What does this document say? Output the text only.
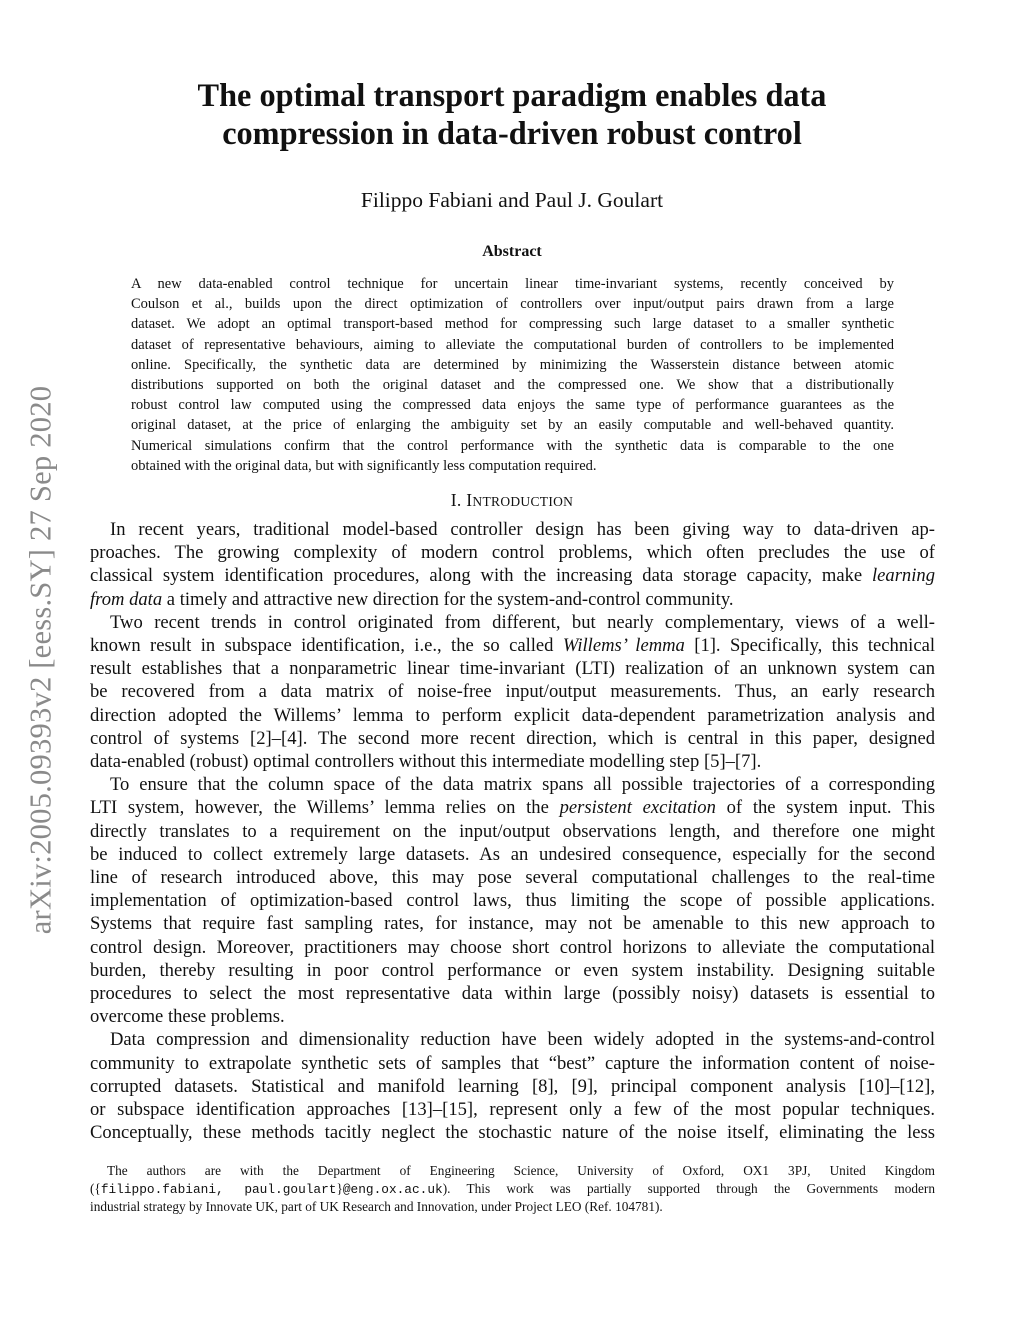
arXiv:2005.09393v2 [eess.SY] 27 Sep 2020
The optimal transport paradigm enables data
compression in data-driven robust control
Filippo Fabiani and Paul J. Goulart
Abstract

A new data-enabled control technique for uncertain linear time-invariant systems, recently conceived by
Coulson et al., builds upon the direct optimization of controllers over input/output pairs drawn from a large
dataset. We adopt an optimal transport-based method for compressing such large dataset to a smaller synthetic
dataset of representative behaviours, aiming to alleviate the computational burden of controllers to be implemented
online. Specifically, the synthetic data are determined by minimizing the Wasserstein distance between atomic
distributions supported on both the original dataset and the compressed one. We show that a distributionally
robust control law computed using the compressed data enjoys the same type of performance guarantees as the
original dataset, at the price of enlarging the ambiguity set by an easily computable and well-behaved quantity.
Numerical simulations confirm that the control performance with the synthetic data is comparable to the one
obtained with the original data, but with significantly less computation required.

I. INTRODUCTION
In recent years, traditional model-based controller design has been giving way to data-driven ap-
proaches. The growing complexity of modern control problems, which often precludes the use of
classical system identification procedures, along with the increasing data storage capacity, make learning
from data a timely and attractive new direction for the system-and-control community.
Two recent trends in control originated from different, but nearly complementary, views of a well-
known result in subspace identification, i.e., the so called Willems’ lemma [1]. Specifically, this technical
result establishes that a nonparametric linear time-invariant (LTI) realization of an unknown system can
be recovered from a data matrix of noise-free input/output measurements. Thus, an early research
direction adopted the Willems’ lemma to perform explicit data-dependent parametrization analysis and
control of systems [2]–[4]. The second more recent direction, which is central in this paper, designed
data-enabled (robust) optimal controllers without this intermediate modelling step [5]–[7].
To ensure that the column space of the data matrix spans all possible trajectories of a corresponding
LTI system, however, the Willems’ lemma relies on the persistent excitation of the system input. This
directly translates to a requirement on the input/output observations length, and therefore one might
be induced to collect extremely large datasets. As an undesired consequence, especially for the second
line of research introduced above, this may pose several computational challenges to the real-time
implementation of optimization-based control laws, thus limiting the scope of possible applications.
Systems that require fast sampling rates, for instance, may not be amenable to this new approach to
control design. Moreover, practitioners may choose short control horizons to alleviate the computational
burden, thereby resulting in poor control performance or even system instability. Designing suitable
procedures to select the most representative data within large (possibly noisy) datasets is essential to
overcome these problems.
Data compression and dimensionality reduction have been widely adopted in the systems-and-control
community to extrapolate synthetic sets of samples that “best” capture the information content of noise-
corrupted datasets. Statistical and manifold learning [8], [9], principal component analysis [10]–[12],
or subspace identification approaches [13]–[15], represent only a few of the most popular techniques.
Conceptually, these methods tacitly neglect the stochastic nature of the noise itself, eliminating the less
The authors are with the Department of Engineering Science, University of Oxford, OX1 3PJ, United Kingdom
({filippo.fabiani, paul.goulart}@eng.ox.ac.uk). This work was partially supported through the Governments modern
industrial strategy by Innovate UK, part of UK Research and Innovation, under Project LEO (Ref. 104781).
